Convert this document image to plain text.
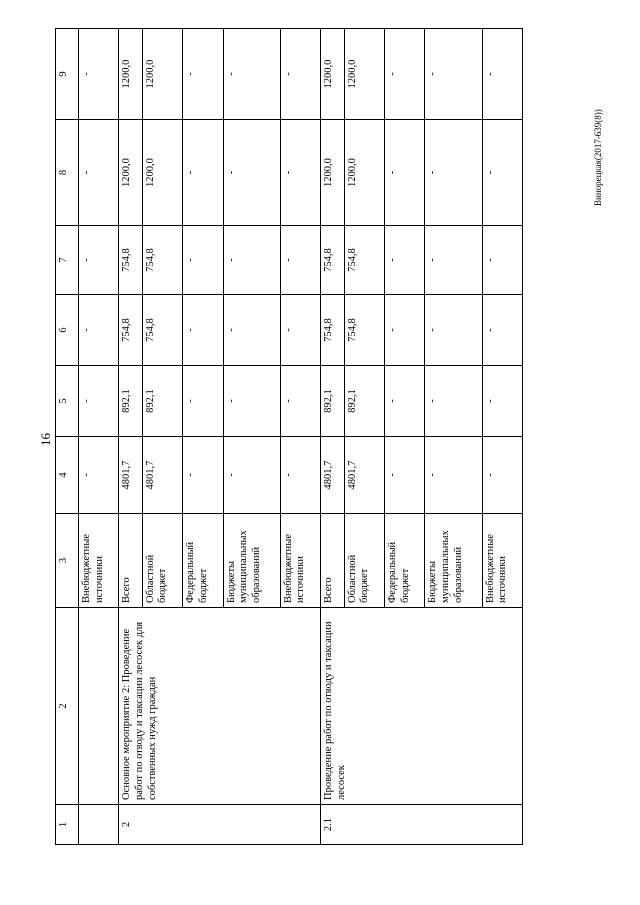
16
Винорецкая(2017-639(8))
1	2	3	4	5	6	7	8	9
		Внебюджетные источники	-	-	-	-	-	-
2	Основное мероприятие 2: Проведение работ по отводу и таксации лесосек для собственных нужд граждан	Всего	4801,7	892,1	754,8	754,8	1200,0	1200,0
		Областной бюджет	4801,7	892,1	754,8	754,8	1200,0	1200,0
		Федеральный бюджет	-	-	-	-	-	-
		Бюджеты муниципальных образований	-	-	-	-	-	-
		Внебюджетные источники	-	-	-	-	-	-
2.1	Проведение работ по отводу и таксации лесосек	Всего	4801,7	892,1	754,8	754,8	1200,0	1200,0
		Областной бюджет	4801,7	892,1	754,8	754,8	1200,0	1200,0
		Федеральный бюджет	-	-	-	-	-	-
		Бюджеты муниципальных образований	-	-	-	-	-	-
		Внебюджетные источники	-	-	-	-	-	-
